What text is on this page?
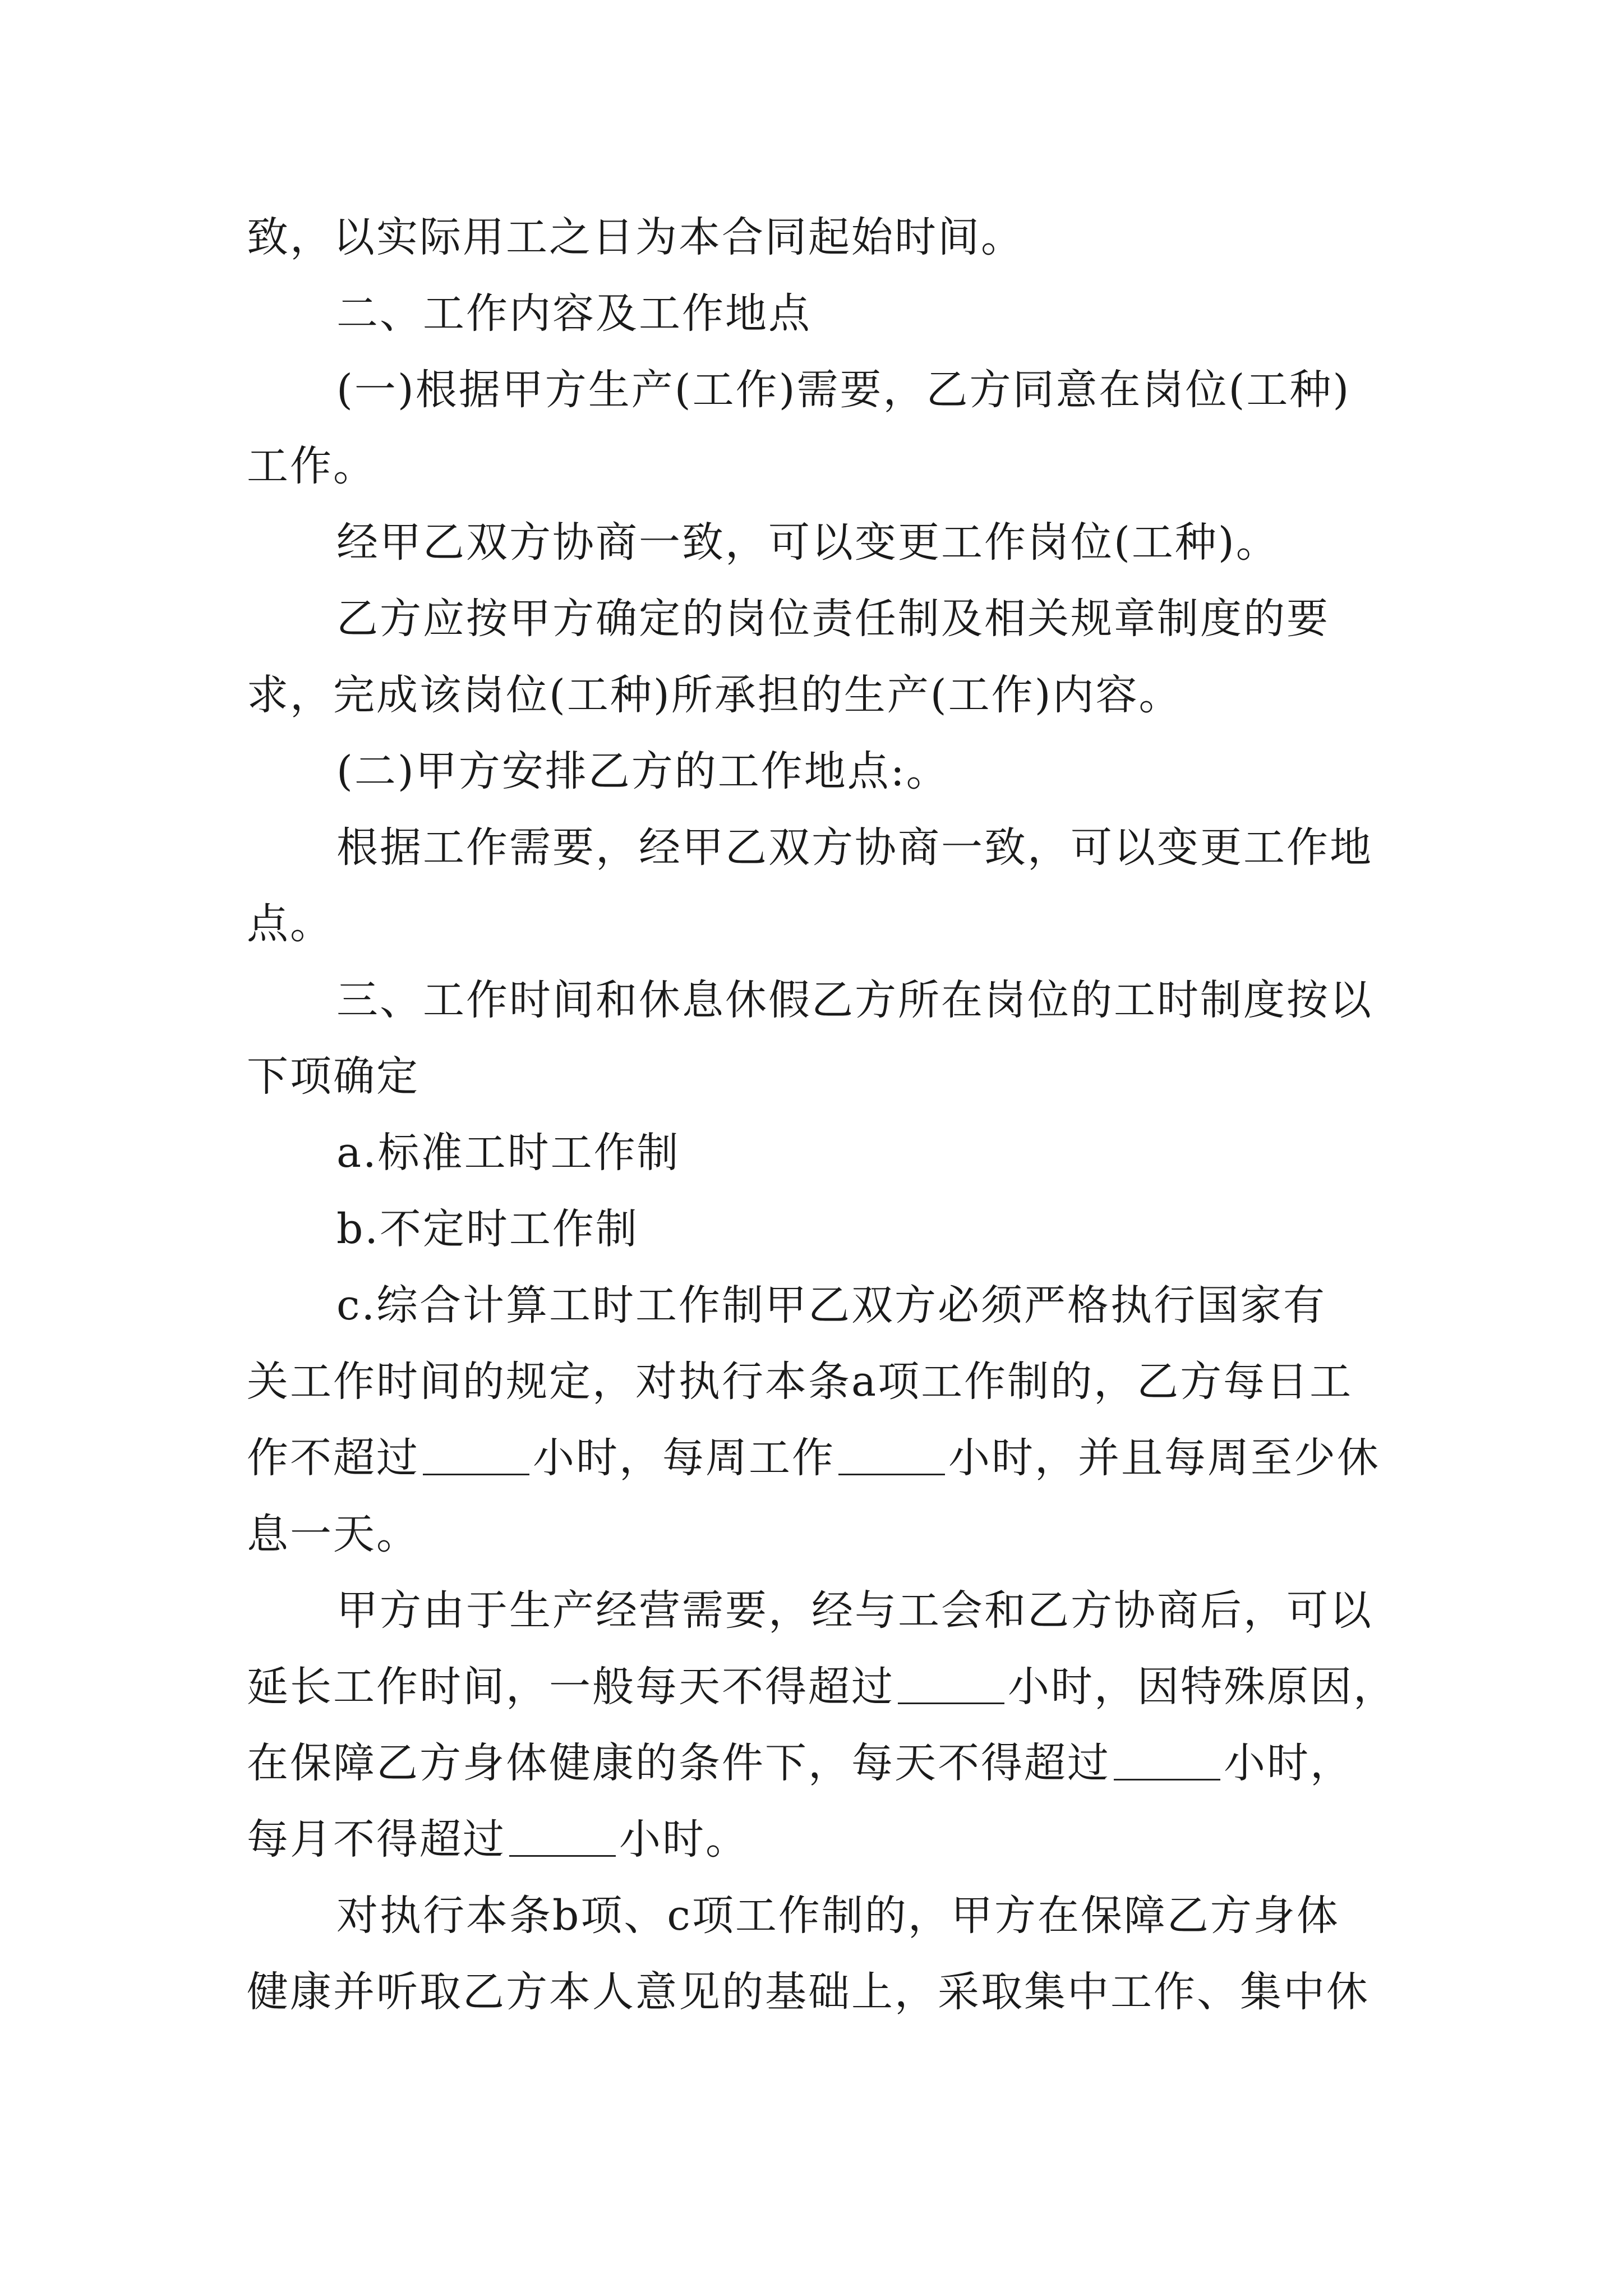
致，以实际用工之日为本合同起始时间。
二、工作内容及工作地点
(一)根据甲方生产(工作)需要，乙方同意在岗位(工种)
工作。
经甲乙双方协商一致，可以变更工作岗位(工种)。
乙方应按甲方确定的岗位责任制及相关规章制度的要
求，完成该岗位(工种)所承担的生产(工作)内容。
(二)甲方安排乙方的工作地点:。
根据工作需要，经甲乙双方协商一致，可以变更工作地
点。
三、工作时间和休息休假乙方所在岗位的工时制度按以
下项确定
a.标准工时工作制
b.不定时工作制
c.综合计算工时工作制甲乙双方必须严格执行国家有
关工作时间的规定，对执行本条a项工作制的，乙方每日工
作不超过	小时，每周工作	小时，并且每周至少休
息一天。
甲方由于生产经营需要，经与工会和乙方协商后，可以
延长工作时间，一般每天不得超过	小时，因特殊原因，
在保障乙方身体健康的条件下，每天不得超过	小时，
每月不得超过	小时。
对执行本条b项、c项工作制的，甲方在保障乙方身体
健康并听取乙方本人意见的基础上，采取集中工作、集中休
